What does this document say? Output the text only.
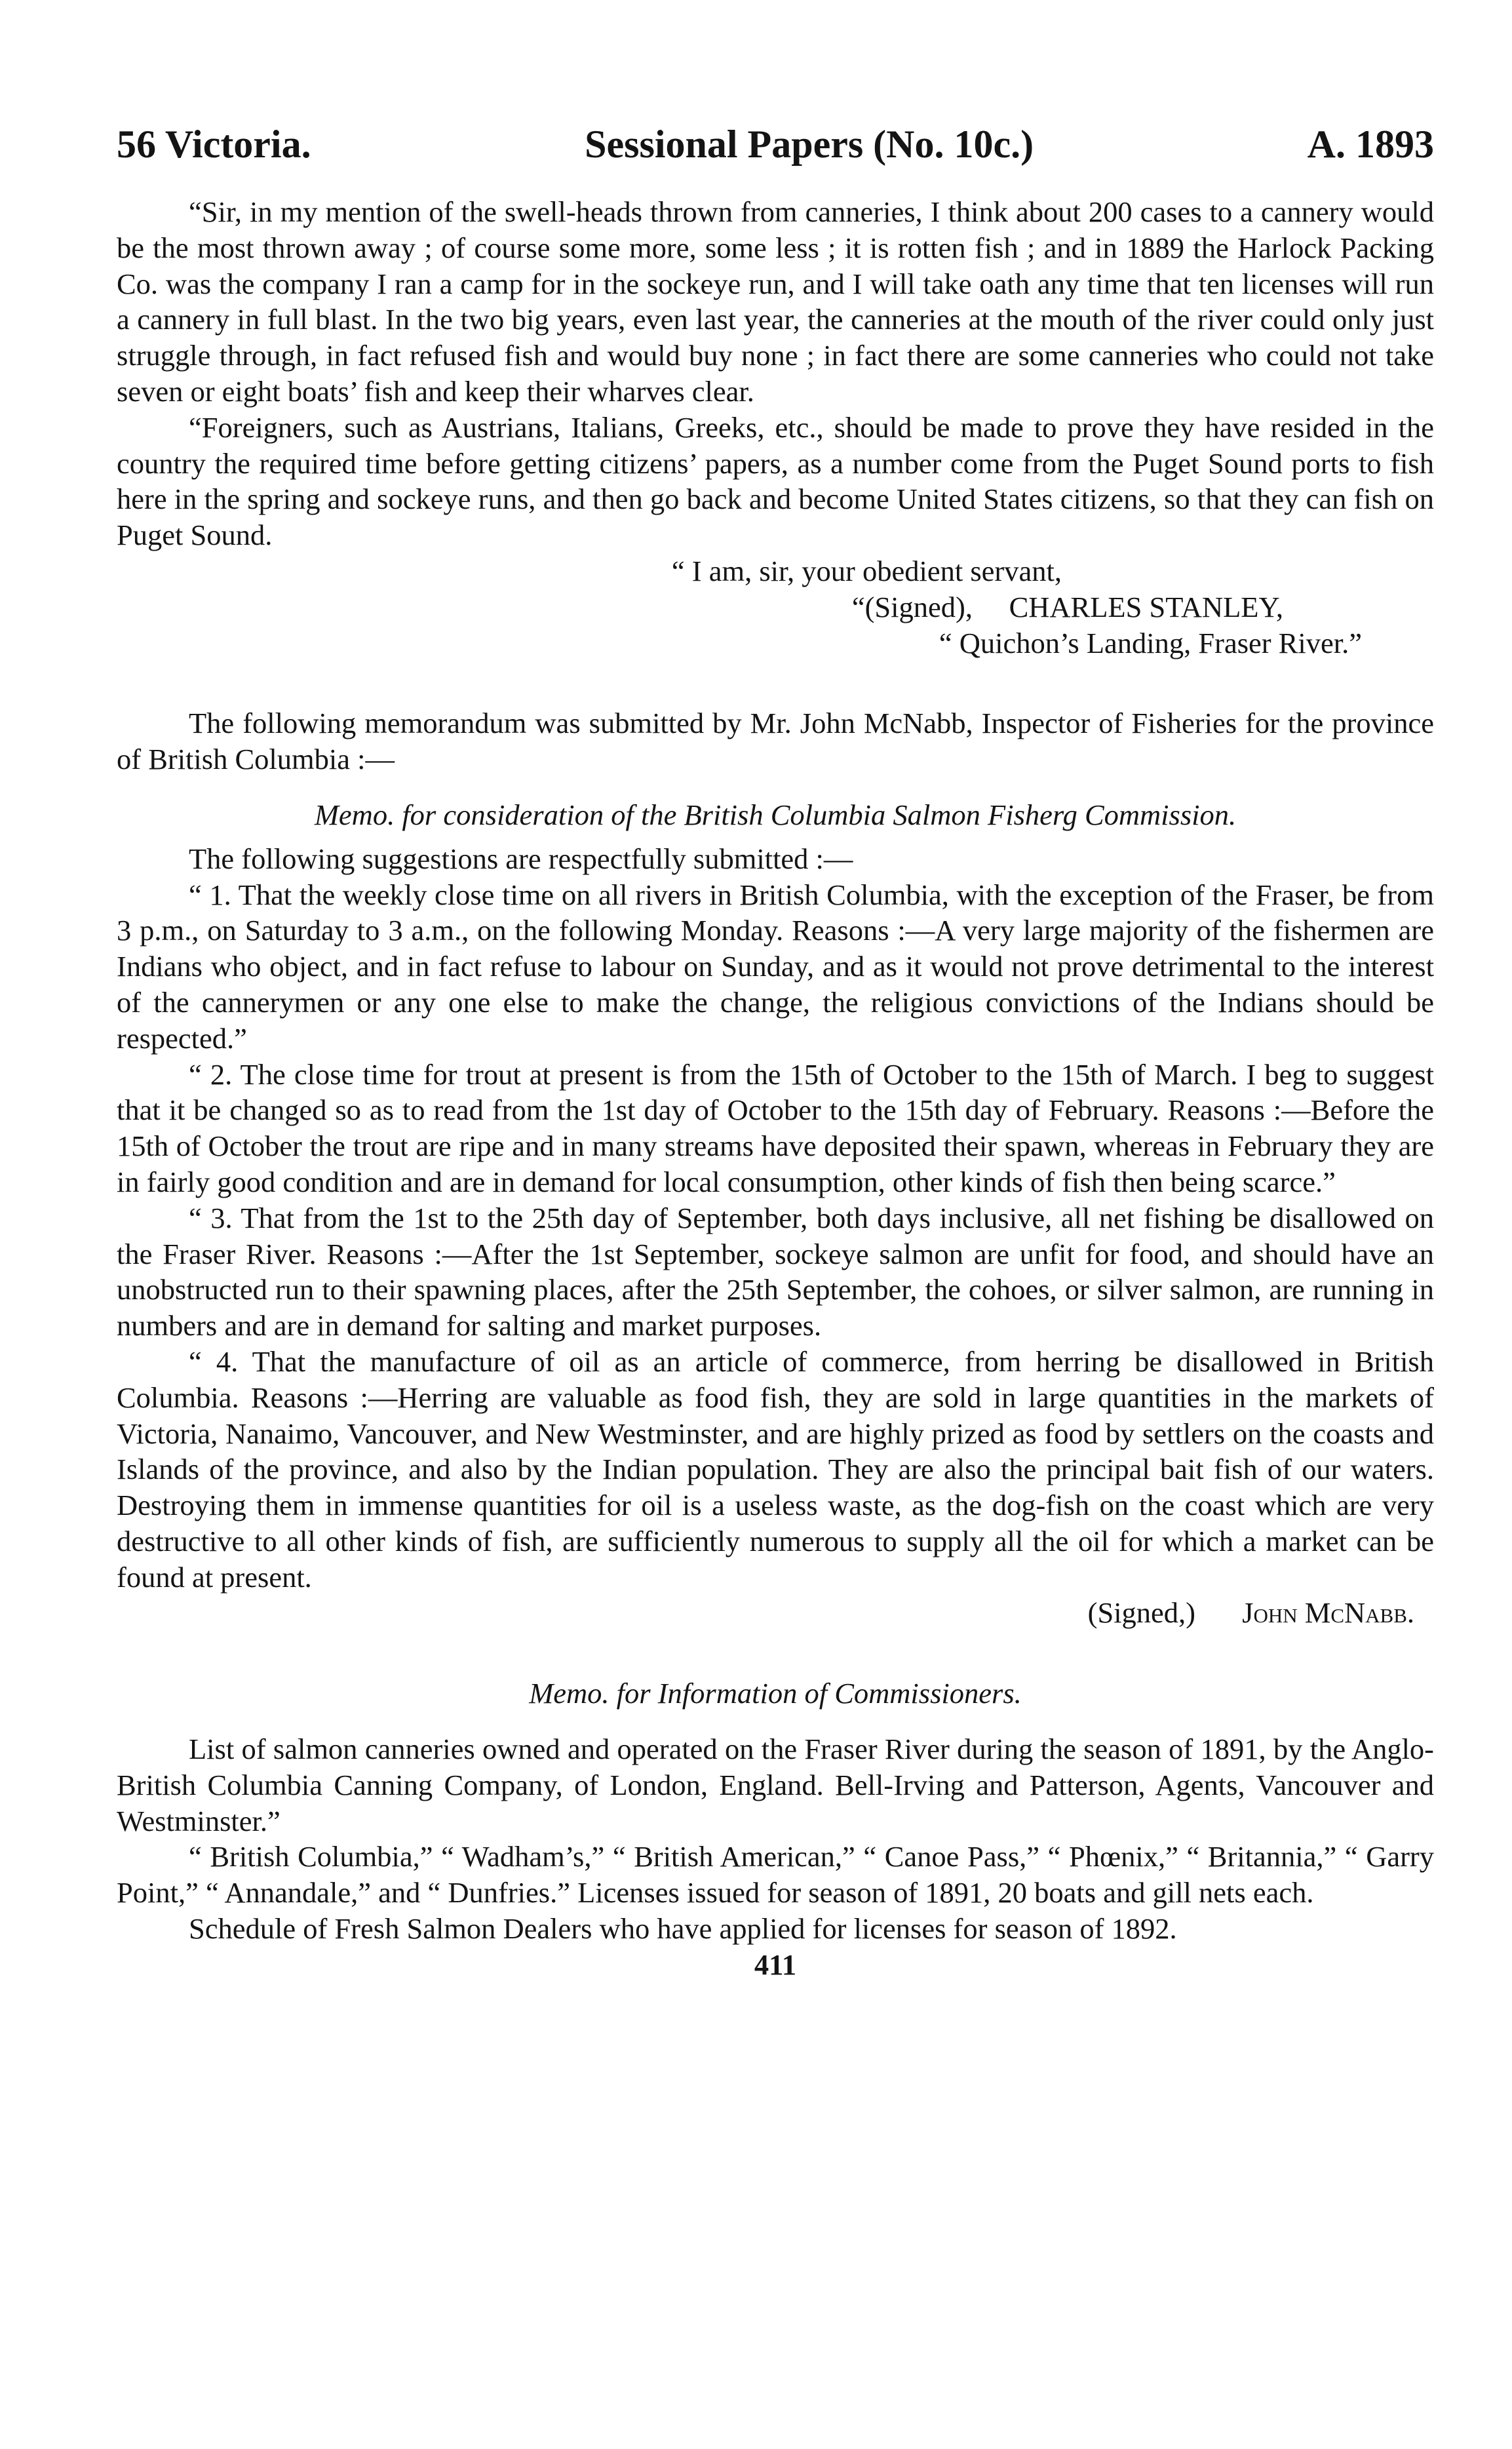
56 Victoria.	Sessional Papers (No. 10c.)	A. 1893

“Sir, in my mention of the swell-heads thrown from canneries, I think about 200 cases to a cannery would be the most thrown away ; of course some more, some less ; it is rotten fish ; and in 1889 the Harlock Packing Co. was the company I ran a camp for in the sockeye run, and I will take oath any time that ten licenses will run a cannery in full blast. In the two big years, even last year, the canneries at the mouth of the river could only just struggle through, in fact refused fish and would buy none ; in fact there are some canneries who could not take seven or eight boats’ fish and keep their wharves clear.

“Foreigners, such as Austrians, Italians, Greeks, etc., should be made to prove they have resided in the country the required time before getting citizens’ papers, as a number come from the Puget Sound ports to fish here in the spring and sockeye runs, and then go back and become United States citizens, so that they can fish on Puget Sound.

“ I am, sir, your obedient servant,

“(Signed),     CHARLES STANLEY,

“ Quichon’s Landing, Fraser River.”

The following memorandum was submitted by Mr. John McNabb, Inspector of Fisheries for the province of British Columbia :—

Memo. for consideration of the British Columbia Salmon Fisherg Commission.

The following suggestions are respectfully submitted :—

“ 1. That the weekly close time on all rivers in British Columbia, with the exception of the Fraser, be from 3 p.m., on Saturday to 3 a.m., on the following Monday. Reasons :—A very large majority of the fishermen are Indians who object, and in fact refuse to labour on Sunday, and as it would not prove detrimental to the interest of the cannerymen or any one else to make the change, the religious convictions of the Indians should be respected.”

“ 2. The close time for trout at present is from the 15th of October to the 15th of March. I beg to suggest that it be changed so as to read from the 1st day of October to the 15th day of February. Reasons :—Before the 15th of October the trout are ripe and in many streams have deposited their spawn, whereas in February they are in fairly good condition and are in demand for local consumption, other kinds of fish then being scarce.”

“ 3. That from the 1st to the 25th day of September, both days inclusive, all net fishing be disallowed on the Fraser River. Reasons :—After the 1st September, sockeye salmon are unfit for food, and should have an unobstructed run to their spawning places, after the 25th September, the cohoes, or silver salmon, are running in numbers and are in demand for salting and market purposes.

“ 4. That the manufacture of oil as an article of commerce, from herring be disallowed in British Columbia. Reasons :—Herring are valuable as food fish, they are sold in large quantities in the markets of Victoria, Nanaimo, Vancouver, and New Westminster, and are highly prized as food by settlers on the coasts and Islands of the province, and also by the Indian population. They are also the principal bait fish of our waters. Destroying them in immense quantities for oil is a useless waste, as the dog-fish on the coast which are very destructive to all other kinds of fish, are sufficiently numerous to supply all the oil for which a market can be found at present.

(Signed,) John McNabb.

Memo. for Information of Commissioners.

List of salmon canneries owned and operated on the Fraser River during the season of 1891, by the Anglo-British Columbia Canning Company, of London, England. Bell-Irving and Patterson, Agents, Vancouver and Westminster.”

“ British Columbia,” “ Wadham’s,” “ British American,” “ Canoe Pass,” “ Phœnix,” “ Britannia,” “ Garry Point,” “ Annandale,” and “ Dunfries.” Licenses issued for season of 1891, 20 boats and gill nets each.

Schedule of Fresh Salmon Dealers who have applied for licenses for season of 1892.

411
